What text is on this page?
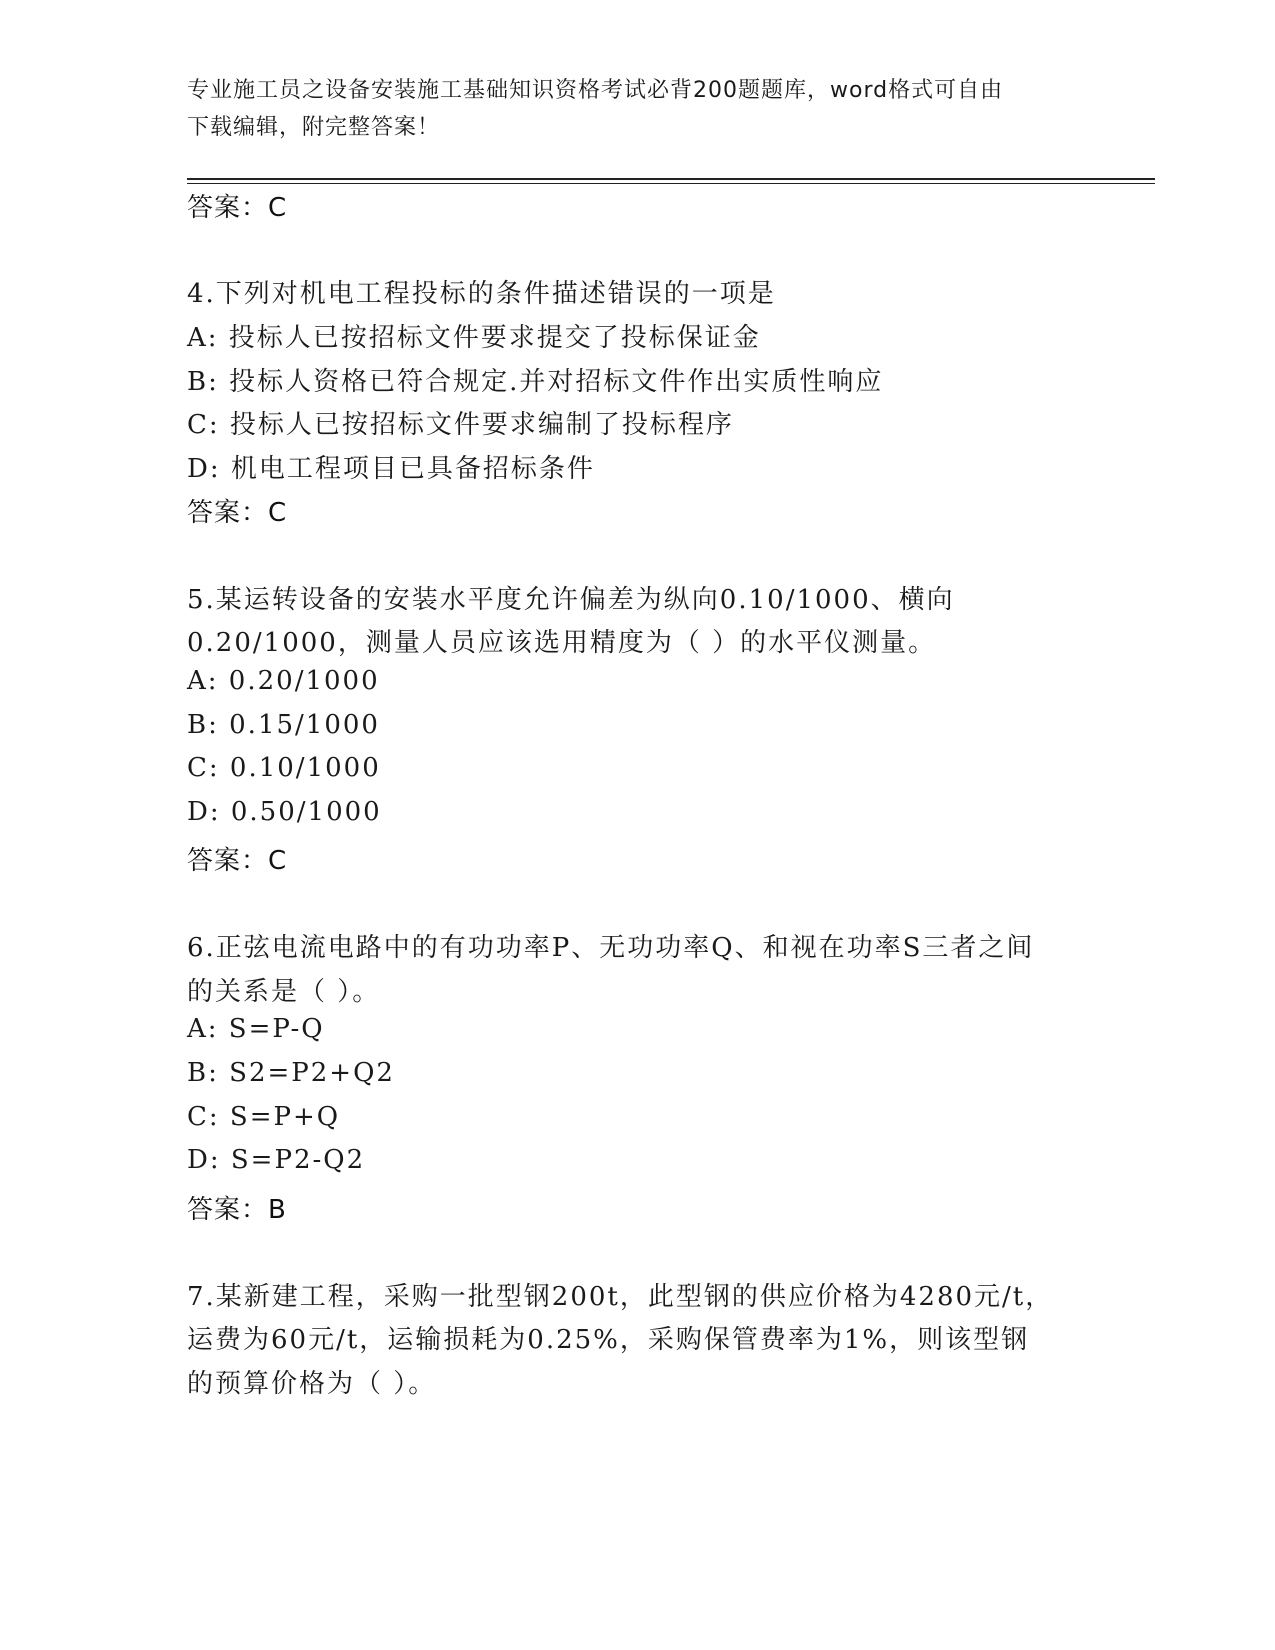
专业施工员之设备安装施工基础知识资格考试必背200题题库，word格式可自由
下载编辑，附完整答案！
答案：C
4.下列对机电工程投标的条件描述错误的一项是
A: 投标人已按招标文件要求提交了投标保证金
B: 投标人资格已符合规定.并对招标文件作出实质性响应
C: 投标人已按招标文件要求编制了投标程序
D: 机电工程项目已具备招标条件
答案：C
5.某运转设备的安装水平度允许偏差为纵向0.10/1000、横向
0.20/1000，测量人员应该选用精度为（ ）的水平仪测量。
A: 0.20/1000
B: 0.15/1000
C: 0.10/1000
D: 0.50/1000
答案：C
6.正弦电流电路中的有功功率P、无功功率Q、和视在功率S三者之间
的关系是（ ）。
A: S=P-Q
B: S2=P2+Q2
C: S=P+Q
D: S=P2-Q2
答案：B
7.某新建工程，采购一批型钢200t，此型钢的供应价格为4280元/t，
运费为60元/t，运输损耗为0.25%，采购保管费率为1%，则该型钢
的预算价格为（ ）。
